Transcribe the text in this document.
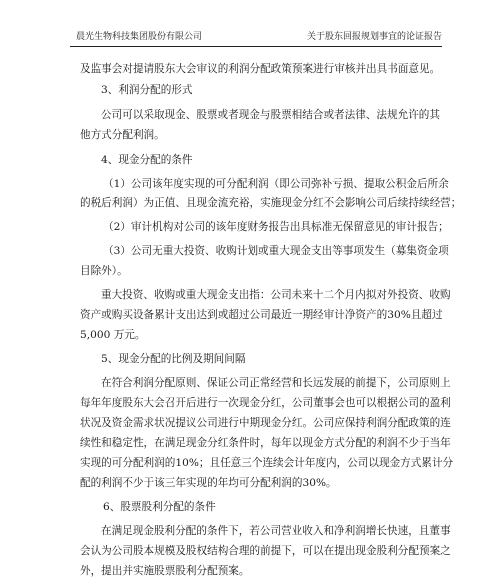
晨光生物科技集团股份有限公司	关于股东回报规划事宜的论证报告
及监事会对提请股东大会审议的利润分配政策预案进行审核并出具书面意见。
3、利润分配的形式
公司可以采取现金、股票或者现金与股票相结合或者法律、法规允许的其
他方式分配利润。
4、现金分配的条件
（1）公司该年度实现的可分配利润（即公司弥补亏损、提取公积金后所余
的税后利润）为正值、且现金流充裕，实施现金分红不会影响公司后续持续经营；
（2）审计机构对公司的该年度财务报告出具标准无保留意见的审计报告；
（3）公司无重大投资、收购计划或重大现金支出等事项发生（募集资金项
目除外）。
重大投资、收购或重大现金支出指：公司未来十二个月内拟对外投资、收购
资产或购买设备累计支出达到或超过公司最近一期经审计净资产的30%且超过
5,000 万元。
5、现金分配的比例及期间间隔
在符合利润分配原则、保证公司正常经营和长远发展的前提下，公司原则上
每年年度股东大会召开后进行一次现金分红，公司董事会也可以根据公司的盈利
状况及资金需求状况提议公司进行中期现金分红。公司应保持利润分配政策的连
续性和稳定性，在满足现金分红条件时，每年以现金方式分配的利润不少于当年
实现的可分配利润的10%；且任意三个连续会计年度内，公司以现金方式累计分
配的利润不少于该三年实现的年均可分配利润的30%。
6、股票股利分配的条件
在满足现金股利分配的条件下，若公司营业收入和净利润增长快速，且董事
会认为公司股本规模及股权结构合理的前提下，可以在提出现金股利分配预案之
外，提出并实施股票股利分配预案。
